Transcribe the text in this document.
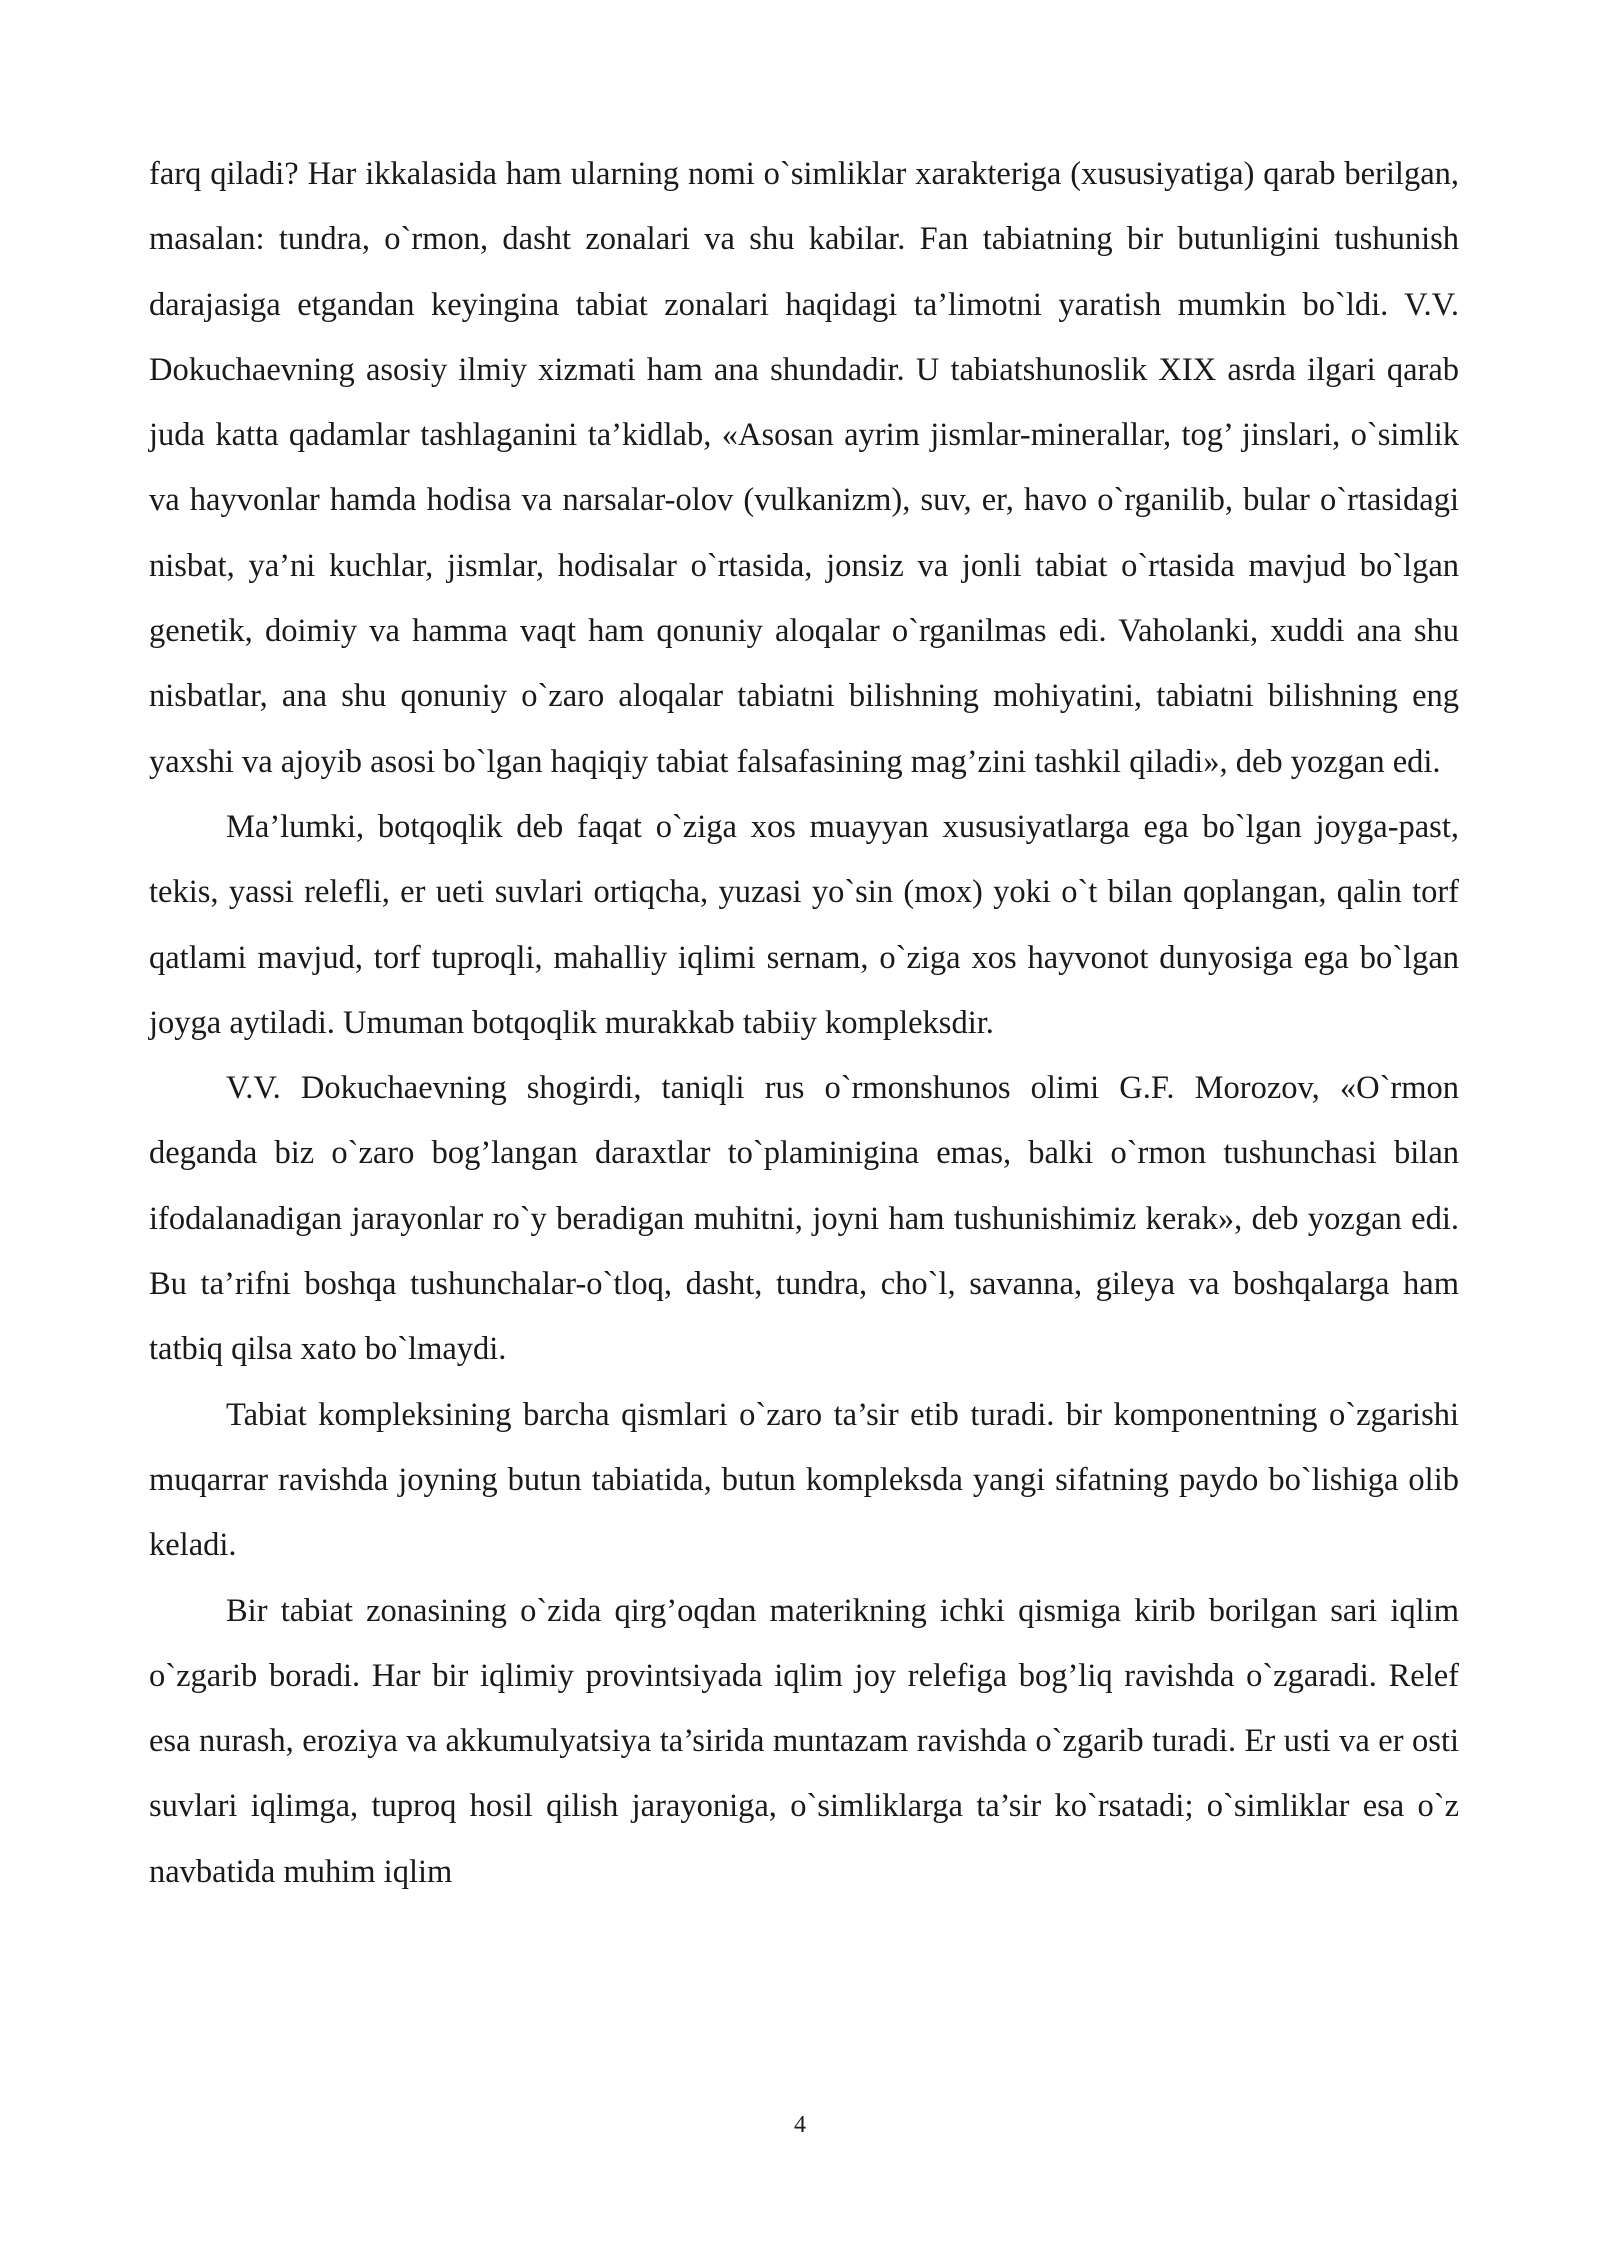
farq qiladi? Har ikkalasida ham ularning nomi o`simliklar xarakteriga (xususiyatiga) qarab berilgan, masalan: tundra, o`rmon, dasht zonalari va shu kabilar. Fan tabiatning bir butunligini tushunish darajasiga etgandan keyingina tabiat zonalari haqidagi ta’limotni yaratish mumkin bo`ldi. V.V. Dokuchaevning asosiy ilmiy xizmati ham ana shundadir. U tabiatshunoslik XIX asrda ilgari qarab juda katta qadamlar tashlaganini ta’kidlab, «Asosan ayrim jismlar-minerallar, tog’ jinslari, o`simlik va hayvonlar hamda hodisa va narsalar-olov (vulkanizm), suv, er, havo o`rganilib, bular o`rtasidagi nisbat, ya’ni kuchlar, jismlar, hodisalar o`rtasida, jonsiz va jonli tabiat o`rtasida mavjud bo`lgan genetik, doimiy va hamma vaqt ham qonuniy aloqalar o`rganilmas edi. Vaholanki, xuddi ana shu nisbatlar, ana shu qonuniy o`zaro aloqalar tabiatni bilishning mohiyatini, tabiatni bilishning eng yaxshi va ajoyib asosi bo`lgan haqiqiy tabiat falsafasining mag’zini tashkil qiladi», deb yozgan edi.

Ma’lumki, botqoqlik deb faqat o`ziga xos muayyan xususiyatlarga ega bo`lgan joyga-past, tekis, yassi relefli, er ueti suvlari ortiqcha, yuzasi yo`sin (mox) yoki o`t bilan qoplangan, qalin torf qatlami mavjud, torf tuproqli, mahalliy iqlimi sernam, o`ziga xos hayvonot dunyosiga ega bo`lgan joyga aytiladi. Umuman botqoqlik murakkab tabiiy kompleksdir.

V.V. Dokuchaevning shogirdi, taniqli rus o`rmonshunos olimi G.F. Morozov, «O`rmon deganda biz o`zaro bog’langan daraxtlar to`plaminigina emas, balki o`rmon tushunchasi bilan ifodalanadigan jarayonlar ro`y beradigan muhitni, joyni ham tushunishimiz kerak», deb yozgan edi. Bu ta’rifni boshqa tushunchalar-o`tloq, dasht, tundra, cho`l, savanna, gileya va boshqalarga ham tatbiq qilsa xato bo`lmaydi.

Tabiat kompleksining barcha qismlari o`zaro ta’sir etib turadi. bir komponentning o`zgarishi muqarrar ravishda joyning butun tabiatida, butun kompleksda yangi sifatning paydo bo`lishiga olib keladi.

Bir tabiat zonasining o`zida qirg’oqdan materikning ichki qismiga kirib borilgan sari iqlim o`zgarib boradi. Har bir iqlimiy provintsiyada iqlim joy relefiga bog’liq ravishda o`zgaradi. Relef esa nurash, eroziya va akkumulyatsiya ta’sirida muntazam ravishda o`zgarib turadi. Er usti va er osti suvlari iqlimga, tuproq hosil qilish jarayoniga, o`simliklarga ta’sir ko`rsatadi; o`simliklar esa o`z navbatida muhim iqlim

4
